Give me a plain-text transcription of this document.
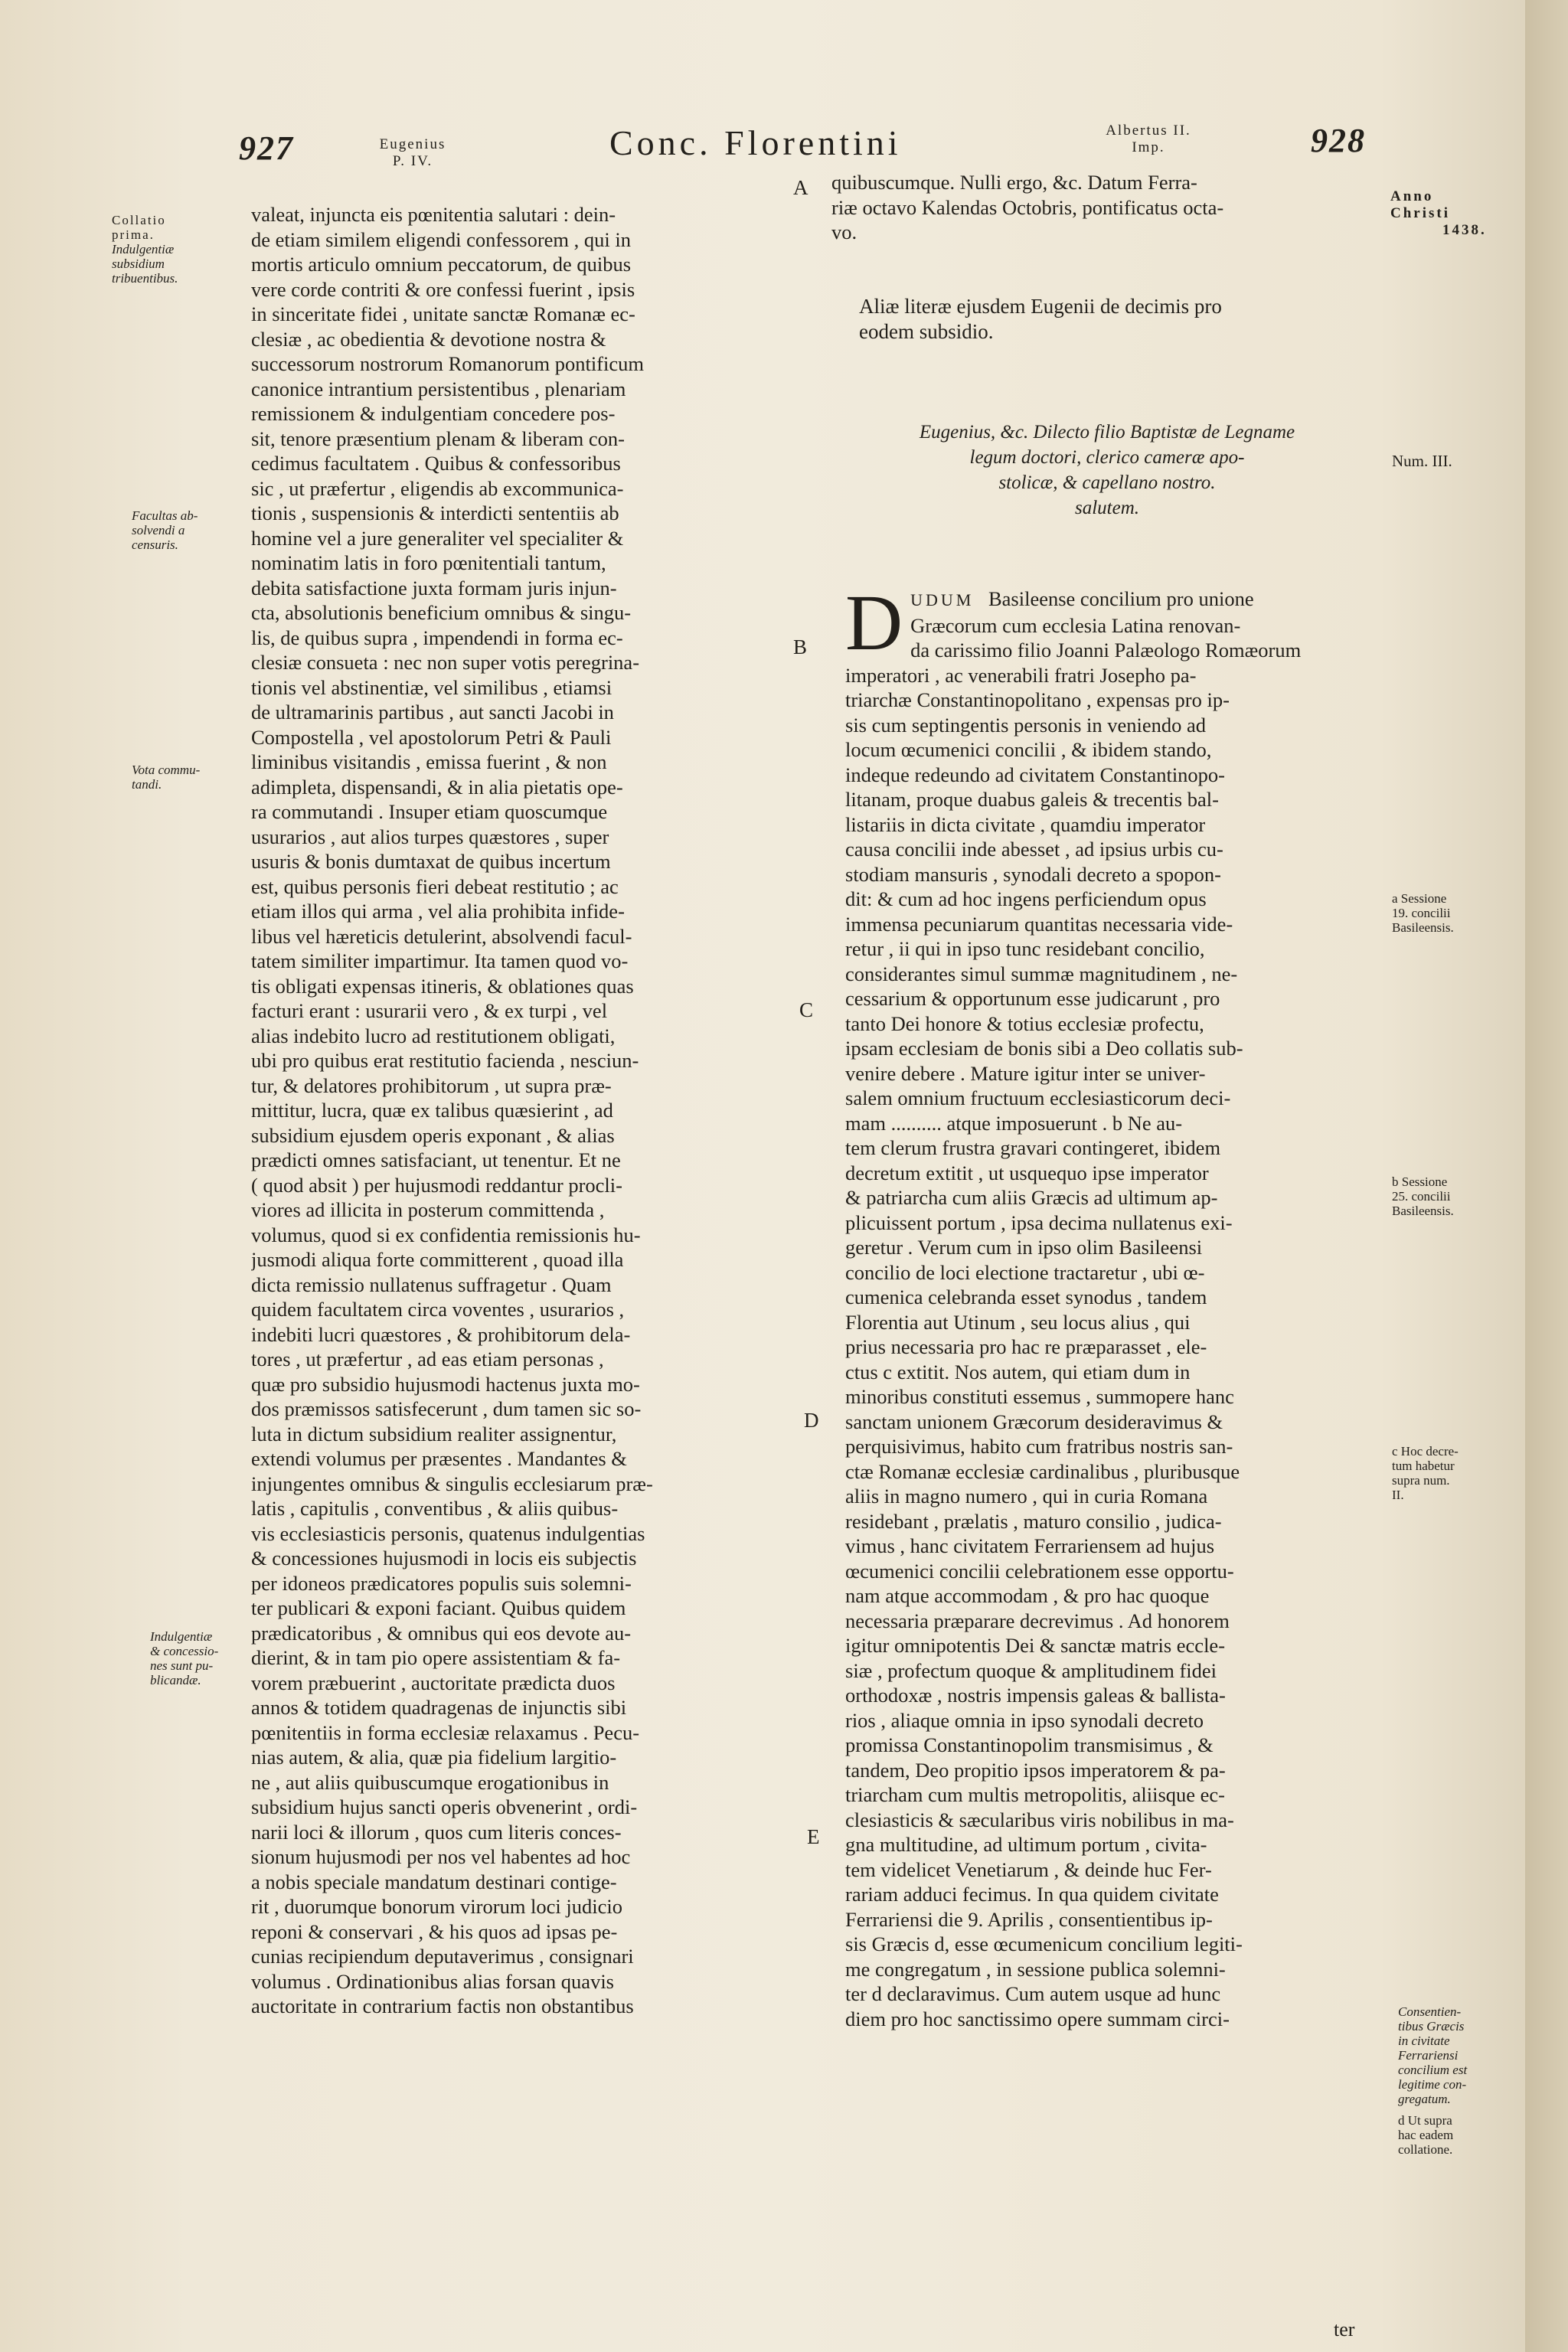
927	Eugenius
P. IV.	Conc. Florentini	Albertus II.
Imp.	928
Anno
Christi
1438.
Collatio
prima.
Indulgentiæ
subsidium
tribuentibus.
Facultas ab-
solvendi a
censuris.
Vota commu-
tandi.
Indulgentiæ
& concessio-
nes sunt pu-
blicandæ.
A
B
C
D
E
valeat, injuncta eis pœnitentia salutari : dein-
de etiam similem eligendi confessorem , qui in
mortis articulo omnium peccatorum, de quibus
vere corde contriti & ore confessi fuerint , ipsis
in sinceritate fidei , unitate sanctæ Romanæ ec-
clesiæ , ac obedientia & devotione nostra &
successorum nostrorum Romanorum pontificum
canonice intrantium persistentibus , plenariam
remissionem & indulgentiam concedere pos-
sit, tenore præsentium plenam & liberam con-
cedimus facultatem . Quibus & confessoribus
sic , ut præfertur , eligendis ab excommunica-
tionis , suspensionis & interdicti sententiis ab
homine vel a jure generaliter vel specialiter &
nominatim latis in foro pœnitentiali tantum,
debita satisfactione juxta formam juris injun-
cta, absolutionis beneficium omnibus & singu-
lis, de quibus supra , impendendi in forma ec-
clesiæ consueta : nec non super votis peregrina-
tionis vel abstinentiæ, vel similibus , etiamsi
de ultramarinis partibus , aut sancti Jacobi in
Compostella , vel apostolorum Petri & Pauli
liminibus visitandis , emissa fuerint , & non
adimpleta, dispensandi, & in alia pietatis ope-
ra commutandi . Insuper etiam quoscumque
usurarios , aut alios turpes quæstores , super
usuris & bonis dumtaxat de quibus incertum
est, quibus personis fieri debeat restitutio ; ac
etiam illos qui arma , vel alia prohibita infide-
libus vel hæreticis detulerint, absolvendi facul-
tatem similiter impartimur. Ita tamen quod vo-
tis obligati expensas itineris, & oblationes quas
facturi erant : usurarii vero , & ex turpi , vel
alias indebito lucro ad restitutionem obligati,
ubi pro quibus erat restitutio facienda , nesciun-
tur, & delatores prohibitorum , ut supra præ-
mittitur, lucra, quæ ex talibus quæsierint , ad
subsidium ejusdem operis exponant , & alias
prædicti omnes satisfaciant, ut tenentur. Et ne
( quod absit ) per hujusmodi reddantur procli-
viores ad illicita in posterum committenda ,
volumus, quod si ex confidentia remissionis hu-
jusmodi aliqua forte committerent , quoad illa
dicta remissio nullatenus suffragetur . Quam
quidem facultatem circa voventes , usurarios ,
indebiti lucri quæstores , & prohibitorum dela-
tores , ut præfertur , ad eas etiam personas ,
quæ pro subsidio hujusmodi hactenus juxta mo-
dos præmissos satisfecerunt , dum tamen sic so-
luta in dictum subsidium realiter assignentur,
extendi volumus per præsentes . Mandantes &
injungentes omnibus & singulis ecclesiarum præ-
latis , capitulis , conventibus , & aliis quibus-
vis ecclesiasticis personis, quatenus indulgentias
& concessiones hujusmodi in locis eis subjectis
per idoneos prædicatores populis suis solemni-
ter publicari & exponi faciant. Quibus quidem
prædicatoribus , & omnibus qui eos devote au-
dierint, & in tam pio opere assistentiam & fa-
vorem præbuerint , auctoritate prædicta duos
annos & totidem quadragenas de injunctis sibi
pœnitentiis in forma ecclesiæ relaxamus . Pecu-
nias autem, & alia, quæ pia fidelium largitio-
ne , aut aliis quibuscumque erogationibus in
subsidium hujus sancti operis obvenerint , ordi-
narii loci & illorum , quos cum literis conces-
sionum hujusmodi per nos vel habentes ad hoc
a nobis speciale mandatum destinari contige-
rit , duorumque bonorum virorum loci judicio
reponi & conservari , & his quos ad ipsas pe-
cunias recipiendum deputaverimus , consignari
volumus . Ordinationibus alias forsan quavis
auctoritate in contrarium factis non obstantibus
quibuscumque. Nulli ergo, &c. Datum Ferra-
riæ octavo Kalendas Octobris, pontificatus octa-
vo.
Aliæ literæ ejusdem Eugenii de decimis pro
eodem subsidio.
Eugenius, &c. Dilecto filio Baptistæ de Legname
legum doctori, clerico cameræ apo-
stolicæ, & capellano nostro.
salutem.
D UDUM Basileense concilium pro unione

Græcorum cum ecclesia Latina renovan-
da carissimo filio Joanni Palæologo Romæorum
imperatori , ac venerabili fratri Josepho pa-
triarchæ Constantinopolitano , expensas pro ip-
sis cum septingentis personis in veniendo ad
locum œcumenici concilii , & ibidem stando,
indeque redeundo ad civitatem Constantinopo-
litanam, proque duabus galeis & trecentis bal-
listariis in dicta civitate , quamdiu imperator
causa concilii inde abesset , ad ipsius urbis cu-
stodiam mansuris , synodali decreto a spopon-
dit: & cum ad hoc ingens perficiendum opus
immensa pecuniarum quantitas necessaria vide-
retur , ii qui in ipso tunc residebant concilio,
considerantes simul summæ magnitudinem , ne-
cessarium & opportunum esse judicarunt , pro
tanto Dei honore & totius ecclesiæ profectu,
ipsam ecclesiam de bonis sibi a Deo collatis sub-
venire debere . Mature igitur inter se univer-
salem omnium fructuum ecclesiasticorum deci-
mam .......... atque imposuerunt . b Ne au-
tem clerum frustra gravari contingeret, ibidem
decretum extitit , ut usquequo ipse imperator
& patriarcha cum aliis Græcis ad ultimum ap-
plicuissent portum , ipsa decima nullatenus exi-
geretur . Verum cum in ipso olim Basileensi
concilio de loci electione tractaretur , ubi œ-
cumenica celebranda esset synodus , tandem
Florentia aut Utinum , seu locus alius , qui
prius necessaria pro hac re præparasset , ele-
ctus c extitit. Nos autem, qui etiam dum in
minoribus constituti essemus , summopere hanc
sanctam unionem Græcorum desideravimus &
perquisivimus, habito cum fratribus nostris san-
ctæ Romanæ ecclesiæ cardinalibus , pluribusque
aliis in magno numero , qui in curia Romana
residebant , prælatis , maturo consilio , judica-
vimus , hanc civitatem Ferrariensem ad hujus
œcumenici concilii celebrationem esse opportu-
nam atque accommodam , & pro hac quoque
necessaria præparare decrevimus . Ad honorem
igitur omnipotentis Dei & sanctæ matris eccle-
siæ , profectum quoque & amplitudinem fidei
orthodoxæ , nostris impensis galeas & ballista-
rios , aliaque omnia in ipso synodali decreto
promissa Constantinopolim transmisimus , &
tandem, Deo propitio ipsos imperatorem & pa-
triarcham cum multis metropolitis, aliisque ec-
clesiasticis & sæcularibus viris nobilibus in ma-
gna multitudine, ad ultimum portum , civita-
tem videlicet Venetiarum , & deinde huc Fer-
rariam adduci fecimus. In qua quidem civitate
Ferrariensi die 9. Aprilis , consentientibus ip-
sis Græcis d, esse œcumenicum concilium legiti-
me congregatum , in sessione publica solemni-
ter d declaravimus. Cum autem usque ad hunc
diem pro hoc sanctissimo opere summam circi-
ter
Num. III.
a Sessione
19. concilii
Basileensis.
b Sessione
25. concilii
Basileensis.
c Hoc decre-
tum habetur
supra num.
II.
Consentien-
tibus Græcis
in civitate
Ferrariensi
concilium est
legitime con-
gregatum.
d Ut supra
hac eadem
collatione.
